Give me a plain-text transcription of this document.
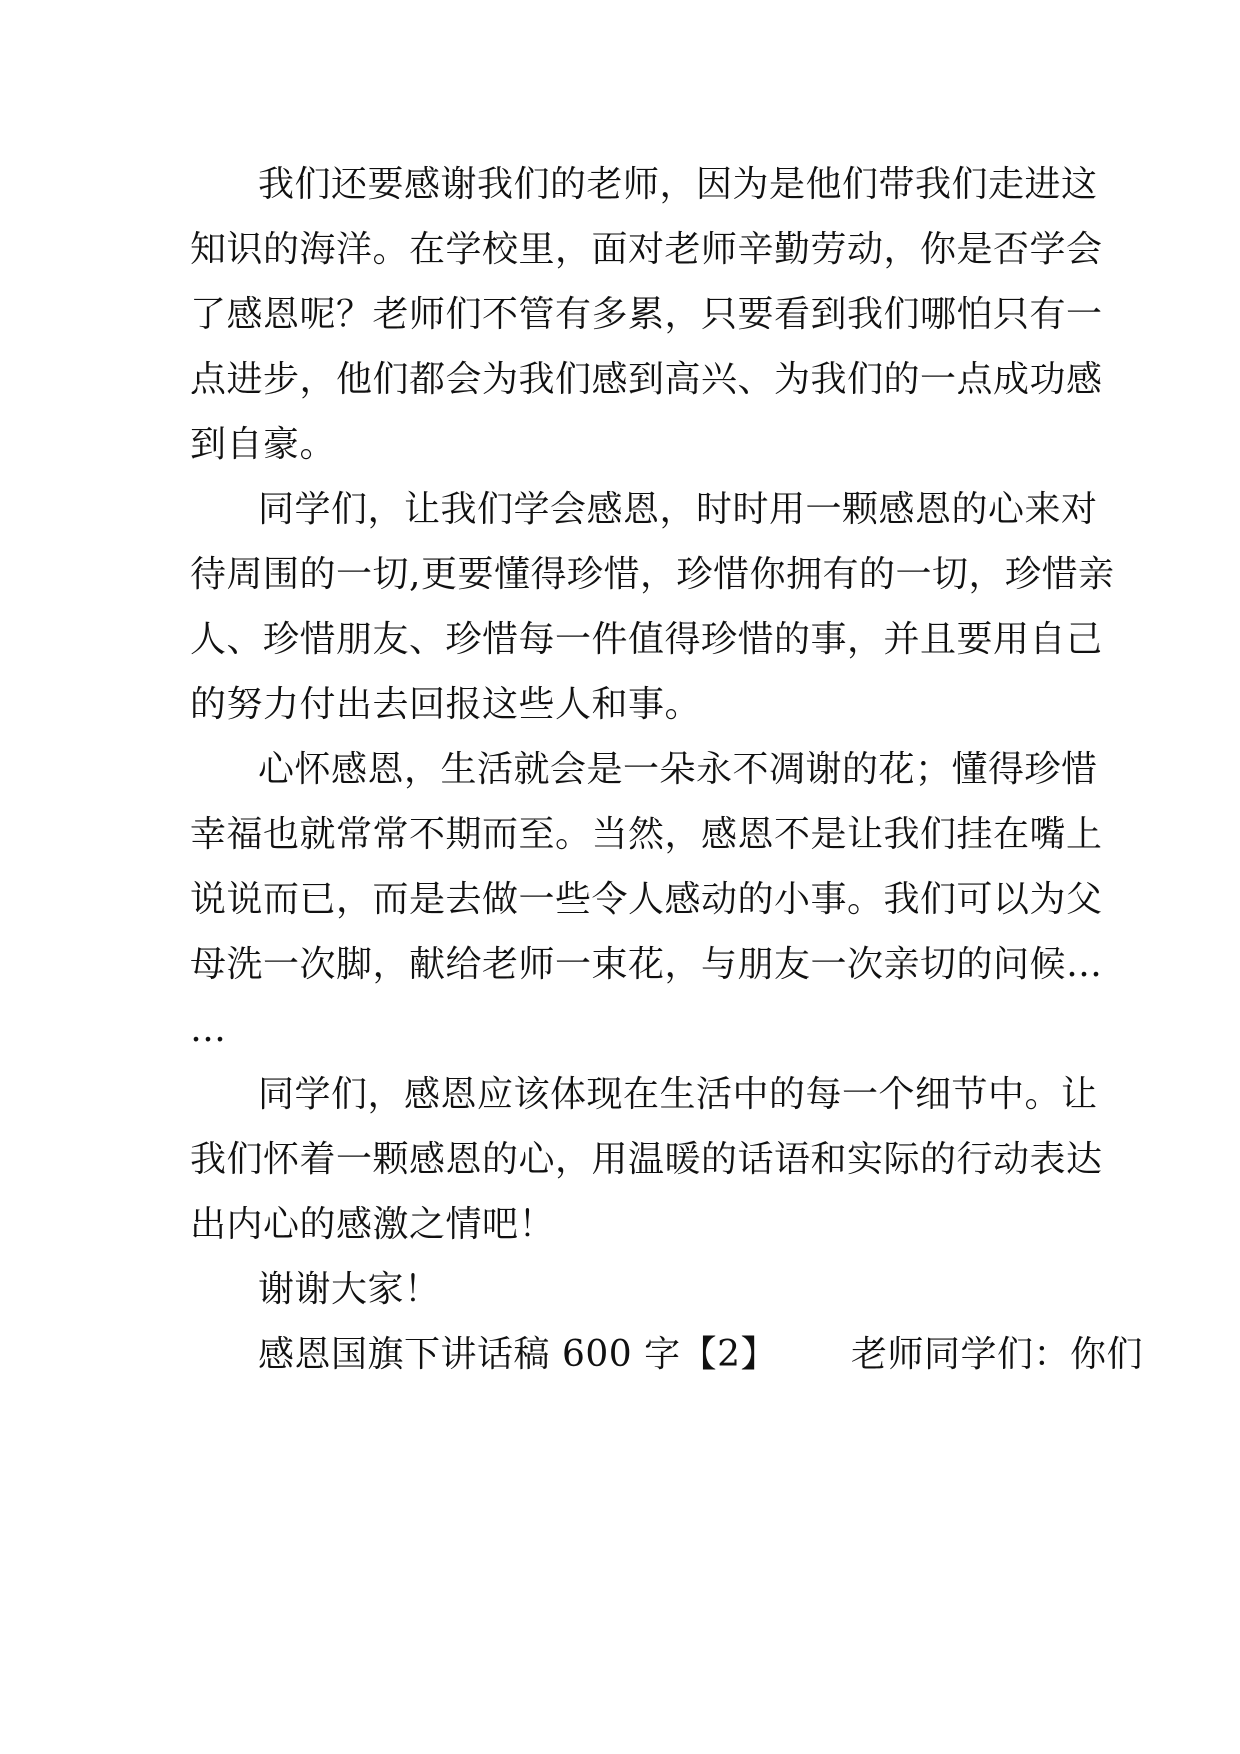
我们还要感谢我们的老师，因为是他们带我们走进这
知识的海洋。在学校里，面对老师辛勤劳动，你是否学会
了感恩呢？老师们不管有多累，只要看到我们哪怕只有一
点进步，他们都会为我们感到高兴、为我们的一点成功感
到自豪。
同学们，让我们学会感恩，时时用一颗感恩的心来对
待周围的一切,更要懂得珍惜，珍惜你拥有的一切，珍惜亲
人、珍惜朋友、珍惜每一件值得珍惜的事，并且要用自己
的努力付出去回报这些人和事。
心怀感恩，生活就会是一朵永不凋谢的花；懂得珍惜
幸福也就常常不期而至。当然，感恩不是让我们挂在嘴上
说说而已，而是去做一些令人感动的小事。我们可以为父
母洗一次脚，献给老师一束花，与朋友一次亲切的问候…
…
同学们，感恩应该体现在生活中的每一个细节中。让
我们怀着一颗感恩的心，用温暖的话语和实际的行动表达
出内心的感激之情吧！
谢谢大家！
感恩国旗下讲话稿 600 字【2】 老师同学们：你们
